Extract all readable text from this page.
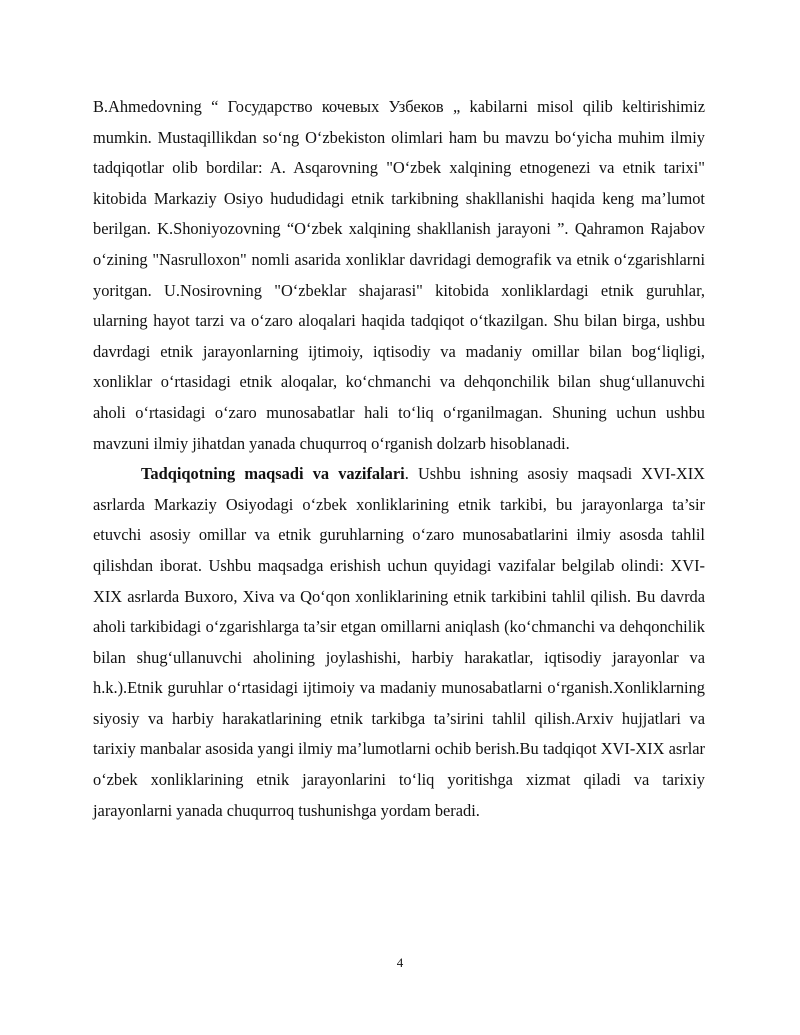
B.Ahmedovning “ Государство кочевых Узбеков „ kabilarni misol qilib keltirishimiz mumkin. Mustaqillikdan so‘ng O‘zbekiston olimlari ham bu mavzu bo‘yicha muhim ilmiy tadqiqotlar olib bordilar: A. Asqarovning "O‘zbek xalqining etnogenezi va etnik tarixi" kitobida Markaziy Osiyo hududidagi etnik tarkibning shakllanishi haqida keng ma’lumot berilgan. K.Shoniyozovning “O‘zbek xalqining shakllanish jarayoni ”. Qahramon Rajabov o‘zining "Nasrulloxon" nomli asarida xonliklar davridagi demografik va etnik o‘zgarishlarni yoritgan. U.Nosirovning "O‘zbeklar shajarasi" kitobida xonliklardagi etnik guruhlar, ularning hayot tarzi va o‘zaro aloqalari haqida tadqiqot o‘tkazilgan. Shu bilan birga, ushbu davrdagi etnik jarayonlarning ijtimoiy, iqtisodiy va madaniy omillar bilan bog‘liqligi, xonliklar o‘rtasidagi etnik aloqalar, ko‘chmanchi va dehqonchilik bilan shug‘ullanuvchi aholi o‘rtasidagi o‘zaro munosabatlar hali to‘liq o‘rganilmagan. Shuning uchun ushbu mavzuni ilmiy jihatdan yanada chuqurroq o‘rganish dolzarb hisoblanadi.

Tadqiqotning maqsadi va vazifalari. Ushbu ishning asosiy maqsadi XVI-XIX asrlarda Markaziy Osiyodagi o‘zbek xonliklarining etnik tarkibi, bu jarayonlarga ta’sir etuvchi asosiy omillar va etnik guruhlarning o‘zaro munosabatlarini ilmiy asosda tahlil qilishdan iborat. Ushbu maqsadga erishish uchun quyidagi vazifalar belgilab olindi: XVI-XIX asrlarda Buxoro, Xiva va Qo‘qon xonliklarining etnik tarkibini tahlil qilish. Bu davrda aholi tarkibidagi o‘zgarishlarga ta’sir etgan omillarni aniqlash (ko‘chmanchi va dehqonchilik bilan shug‘ullanuvchi aholining joylashishi, harbiy harakatlar, iqtisodiy jarayonlar va h.k.).Etnik guruhlar o‘rtasidagi ijtimoiy va madaniy munosabatlarni o‘rganish.Xonliklarning siyosiy va harbiy harakatlarining etnik tarkibga ta’sirini tahlil qilish.Arxiv hujjatlari va tarixiy manbalar asosida yangi ilmiy ma’lumotlarni ochib berish.Bu tadqiqot XVI-XIX asrlar o‘zbek xonliklarining etnik jarayonlarini to‘liq yoritishga xizmat qiladi va tarixiy jarayonlarni yanada chuqurroq tushunishga yordam beradi.

4
